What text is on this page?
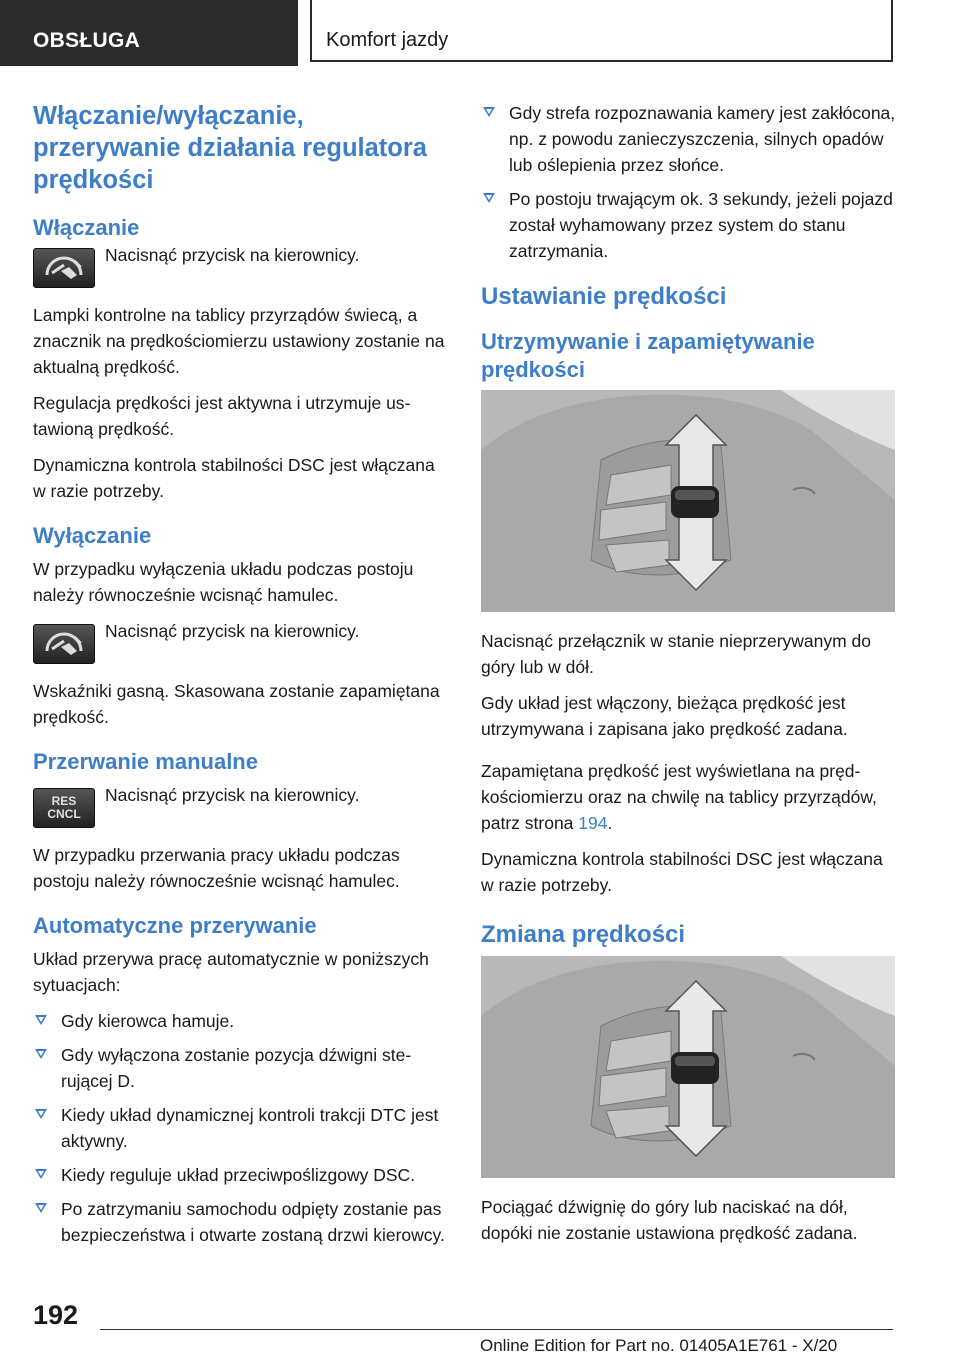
OBSŁUGA	Komfort jazdy
Włączanie/wyłączanie, przerywanie działania regulatora prędkości
Włączanie

Nacisnąć przycisk na kierownicy.

Lampki kontrolne na tablicy przyrządów świecą, a znacznik na prędkościomierzu ustawiony zostanie na aktualną prędkość.

Regulacja prędkości jest aktywna i utrzymuje ustawioną prędkość.

Dynamiczna kontrola stabilności DSC jest włączana w razie potrzeby.

Wyłączanie

W przypadku wyłączenia układu podczas postoju należy równocześnie wcisnąć hamulec.

Nacisnąć przycisk na kierownicy.

Wskaźniki gasną. Skasowana zostanie zapamiętana prędkość.

Przerwanie manualne
RES
CNCL

Nacisnąć przycisk na kierownicy.

W przypadku przerwania pracy układu podczas postoju należy równocześnie wcisnąć hamulec.

Automatyczne przerywanie

Układ przerywa pracę automatycznie w poniższych sytuacjach:

Gdy kierowca hamuje.
Gdy wyłączona zostanie pozycja dźwigni sterującej D.
Kiedy układ dynamicznej kontroli trakcji DTC jest aktywny.
Kiedy reguluje układ przeciwpoślizgowy DSC.
Po zatrzymaniu samochodu odpięty zostanie pas bezpieczeństwa i otwarte zostaną drzwi kierowcy.
Gdy strefa rozpoznawania kamery jest zakłócona, np. z powodu zanieczyszczenia, silnych opadów lub oślepienia przez słońce.
Po postoju trwającym ok. 3 sekundy, jeżeli pojazd został wyhamowany przez system do stanu zatrzymania.
Ustawianie prędkości
Utrzymywanie i zapamiętywanie prędkości

Nacisnąć przełącznik w stanie nieprzerywanym do góry lub w dół.

Gdy układ jest włączony, bieżąca prędkość jest utrzymywana i zapisana jako prędkość zadana.

Zapamiętana prędkość jest wyświetlana na prędkościomierzu oraz na chwilę na tablicy przyrządów, patrz strona 194.

Dynamiczna kontrola stabilności DSC jest włączana w razie potrzeby.

Zmiana prędkości

Pociągać dźwignię do góry lub naciskać na dół, dopóki nie zostanie ustawiona prędkość zadana.

192
Online Edition for Part no. 01405A1E761 - X/20
